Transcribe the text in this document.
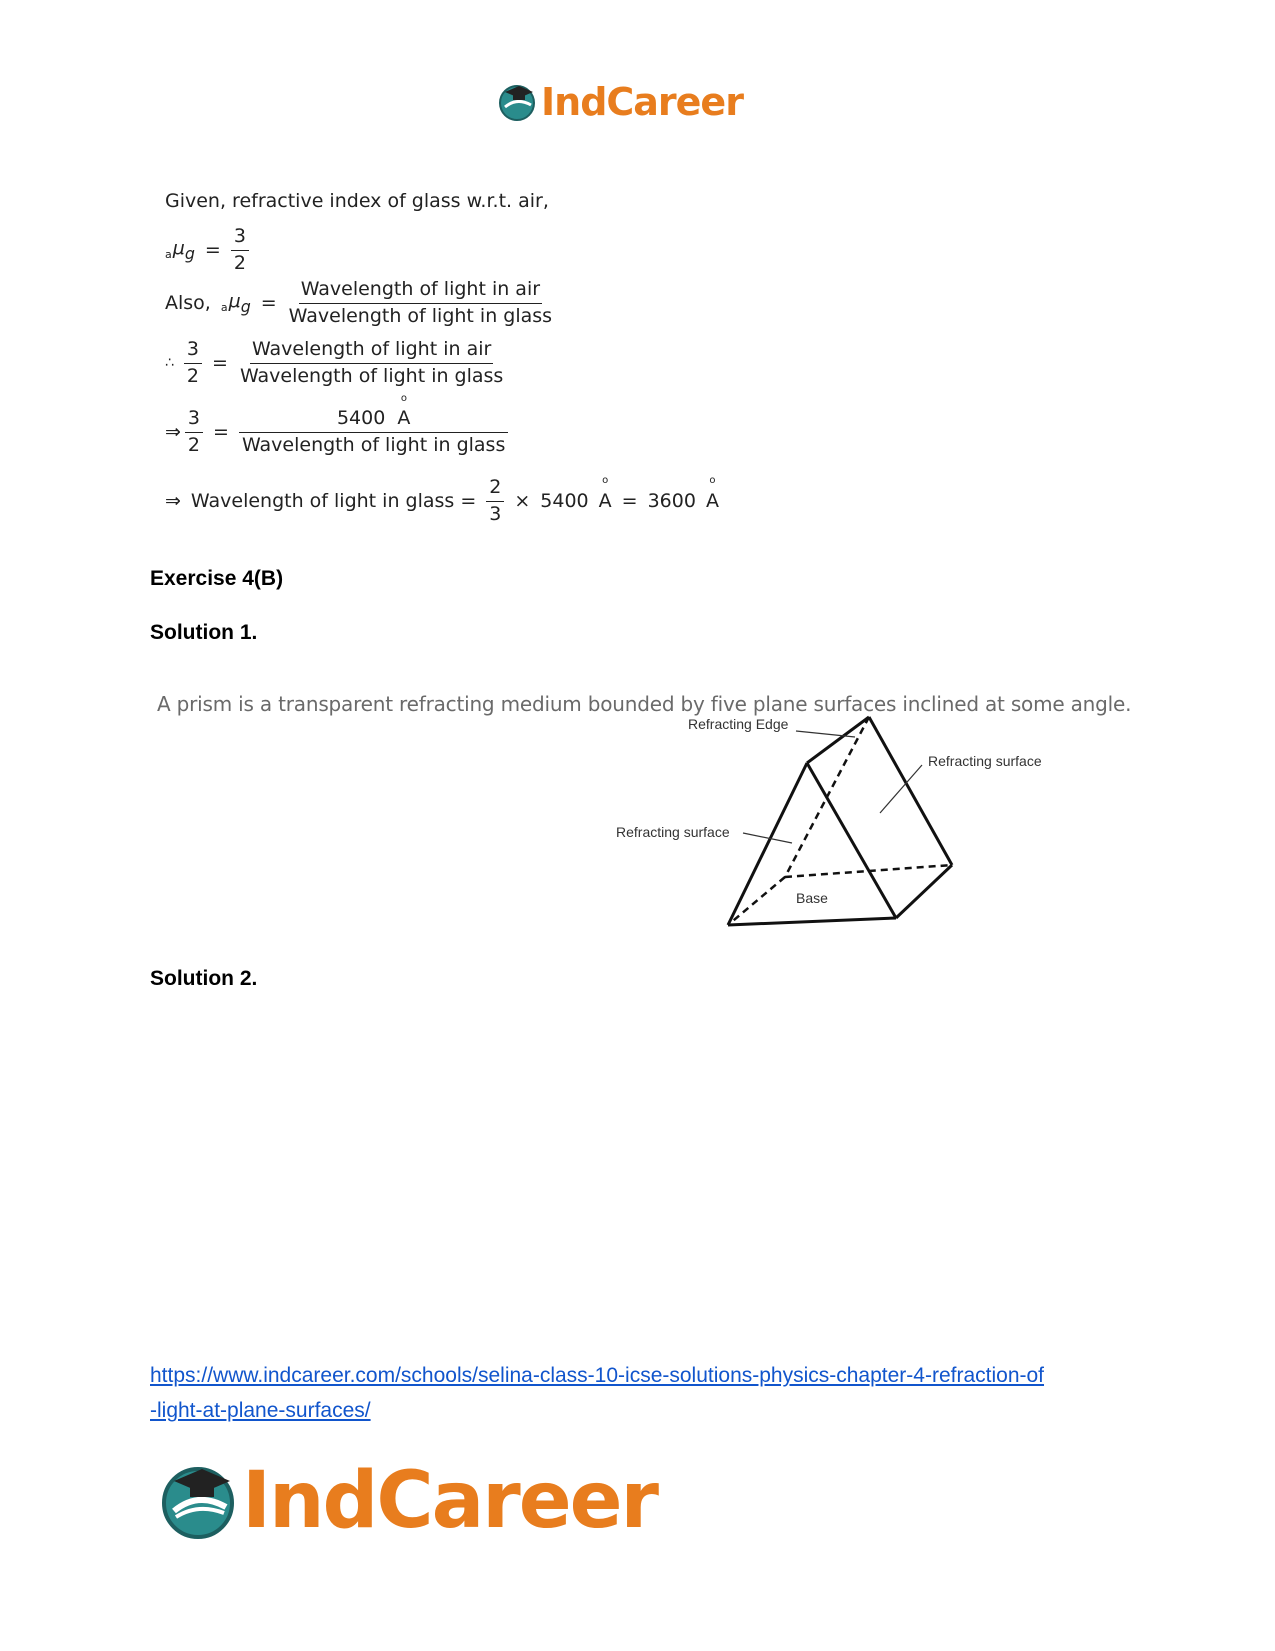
IndCareer
Given, refractive index of glass w.r.t. air,
$_a\mu_g = \frac{3}{2}$
Also, $_a\mu_g = \frac{\text{Wavelength of light in air}}{\text{Wavelength of light in glass}}$
∴ $\frac{3}{2} = \frac{\text{Wavelength of light in air}}{\text{Wavelength of light in glass}}$
⇒ $\frac{3}{2} = \frac{\text{5400 o A}}{\text{Wavelength of light in glass}}$
⇒ Wavelength of light in glass = $\frac{2}{3} \times 5400$ o A = 3600 o A
Exercise 4(B)
Solution 1.
A prism is a transparent refracting medium bounded by five plane surfaces inclined at some angle.
Refracting Edge
Refracting surface
Refracting surface
Base
Solution 2.
https://www.indcareer.com/schools/selina-class-10-icse-solutions-physics-chapter-4-refraction-of
-light-at-plane-surfaces/
IndCareer
